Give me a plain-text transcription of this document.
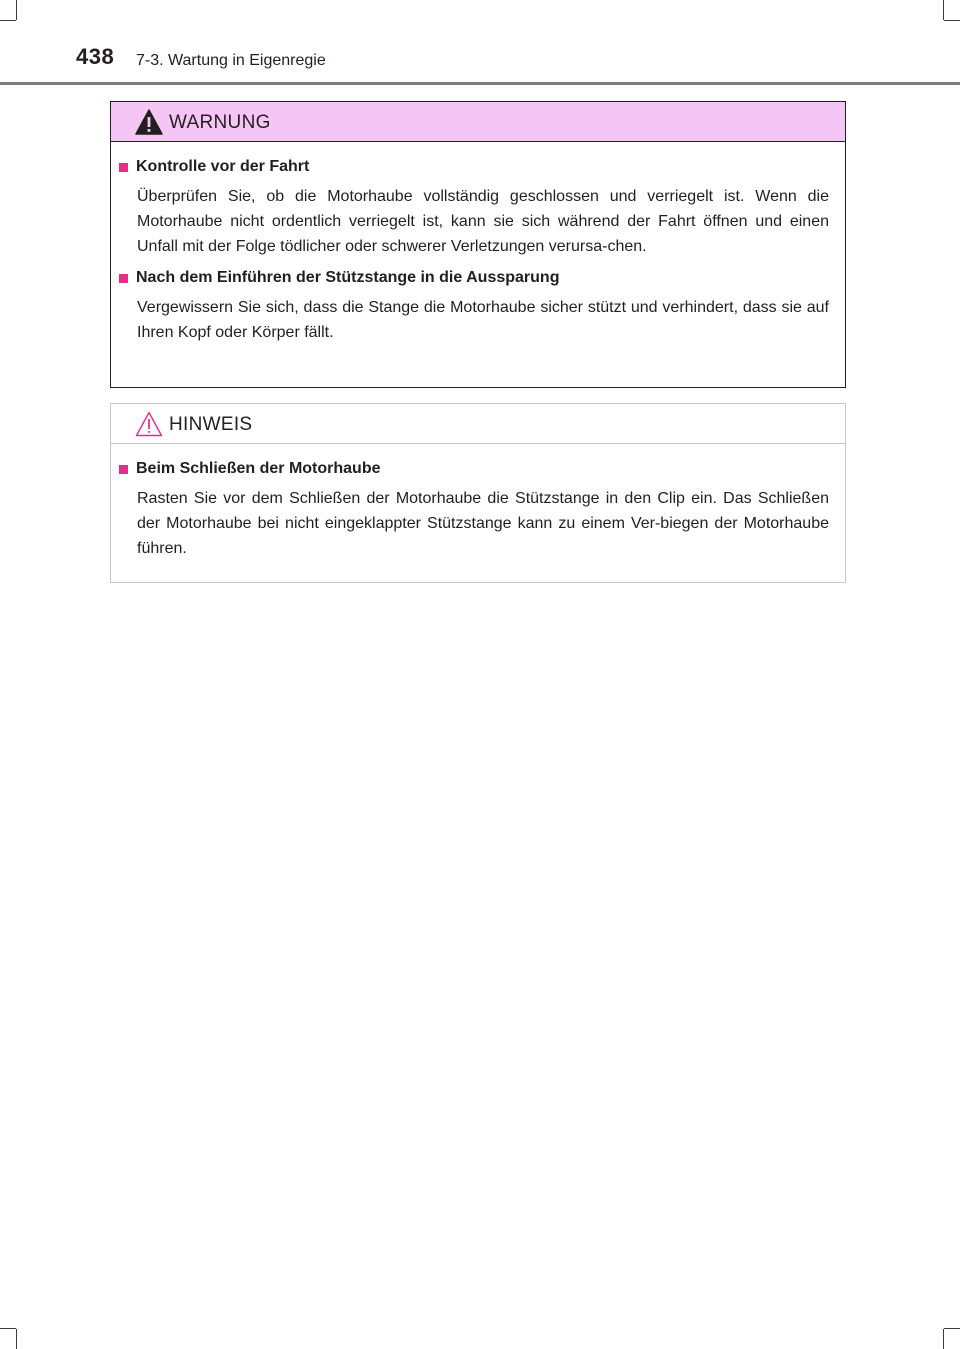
438 7-3. Wartung in Eigenregie
WARNUNG
Kontrolle vor der Fahrt
Überprüfen Sie, ob die Motorhaube vollständig geschlossen und verriegelt ist. Wenn die Motorhaube nicht ordentlich verriegelt ist, kann sie sich während der Fahrt öffnen und einen Unfall mit der Folge tödlicher oder schwerer Verletzungen verursa-chen.
Nach dem Einführen der Stützstange in die Aussparung
Vergewissern Sie sich, dass die Stange die Motorhaube sicher stützt und verhindert, dass sie auf Ihren Kopf oder Körper fällt.
HINWEIS
Beim Schließen der Motorhaube
Rasten Sie vor dem Schließen der Motorhaube die Stützstange in den Clip ein. Das Schließen der Motorhaube bei nicht eingeklappter Stützstange kann zu einem Ver-biegen der Motorhaube führen.
